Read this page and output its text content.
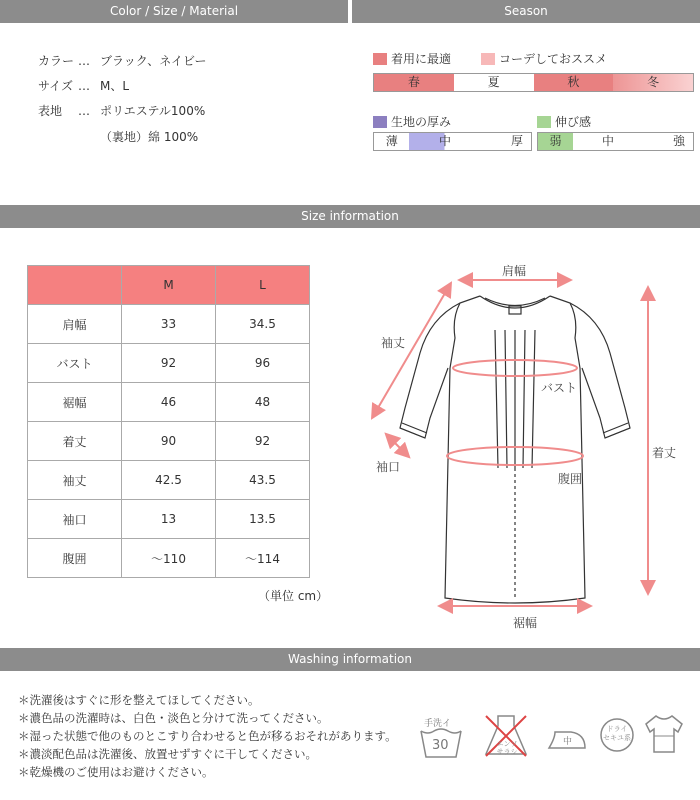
Color / Size / Material	Season
カラー … ブラック、ネイビー
サイズ … M、L
表地 … ポリエステル100%
（裏地）綿 100%
着用に最適	コーデしておススメ
春	夏	秋	冬
生地の厚み
薄	中	厚
伸び感
弱	中	強
Size information
	M	L
肩幅	33	34.5
バスト	92	96
裾幅	46	48
着丈	90	92
袖丈	42.5	43.5
袖口	13	13.5
腹囲	～110	～114
（単位 cm）
肩幅
袖丈
バスト
袖口
腹囲
着丈
裾幅
Washing information
＊洗濯後はすぐに形を整えてほしてください。
＊濃色品の洗濯時は、白色・淡色と分けて洗ってください。
＊湿った状態で他のものとこすり合わせると色が移るおそれがあります。
＊濃淡配色品は洗濯後、放置せずすぐに干してください。
＊乾燥機のご使用はお避けください。
手洗イ
30	エンソ サラシ
中
ドライ セキユ系
